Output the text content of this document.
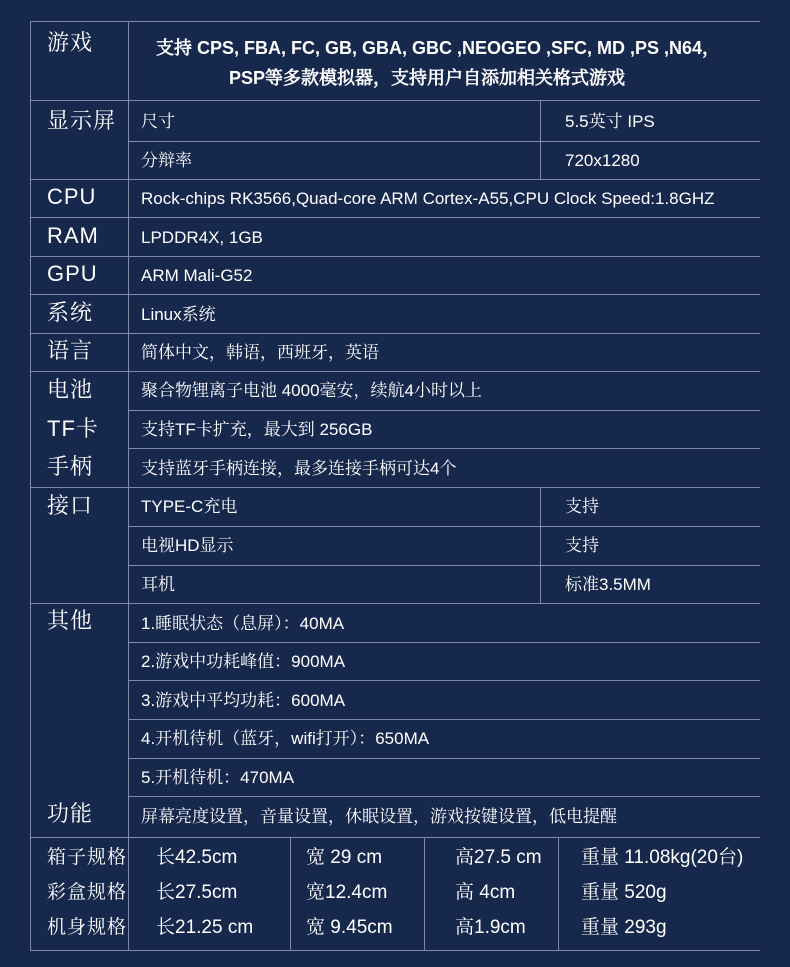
游戏	支持 CPS, FBA, FC, GB, GBA, GBC ,NEOGEO ,SFC, MD ,PS ,N64，
PSP等多款模拟器，支持用户自添加相关格式游戏
显示屏 尺寸	5.5英寸 IPS
分辩率	720x1280
CPU	Rock-chips RK3566,Quad-core ARM Cortex-A55,CPU Clock Speed:1.8GHZ
RAM LPDDR4X, 1GB
GPU	ARM Mali-G52
系统	Linux系统
语言	简体中文，韩语，西班牙，英语
电池	聚合物锂离子电池 4000毫安，续航4小时以上
TF卡 支持TF卡扩充，最大到 256GB
手柄	支持蓝牙手柄连接，最多连接手柄可达4个
接口	TYPE-C充电	支持
电视HD显示	支持
耳机	标准3.5MM
其他	1.睡眠状态（息屏）：40MA
2.游戏中功耗峰值：900MA
3.游戏中平均功耗：600MA
4.开机待机（蓝牙，wifi打开）：650MA
5.开机待机：470MA
功能	屏幕亮度设置，音量设置，休眠设置，游戏按键设置，低电提醒
箱子规格 长42.5cm	宽 29 cm	高27.5 cm 重量 11.08kg(20台)
彩盒规格 长27.5cm	宽12.4cm	高 4cm	重量 520g
机身规格 长21.25 cm	宽 9.45cm	高1.9cm	重量 293g
